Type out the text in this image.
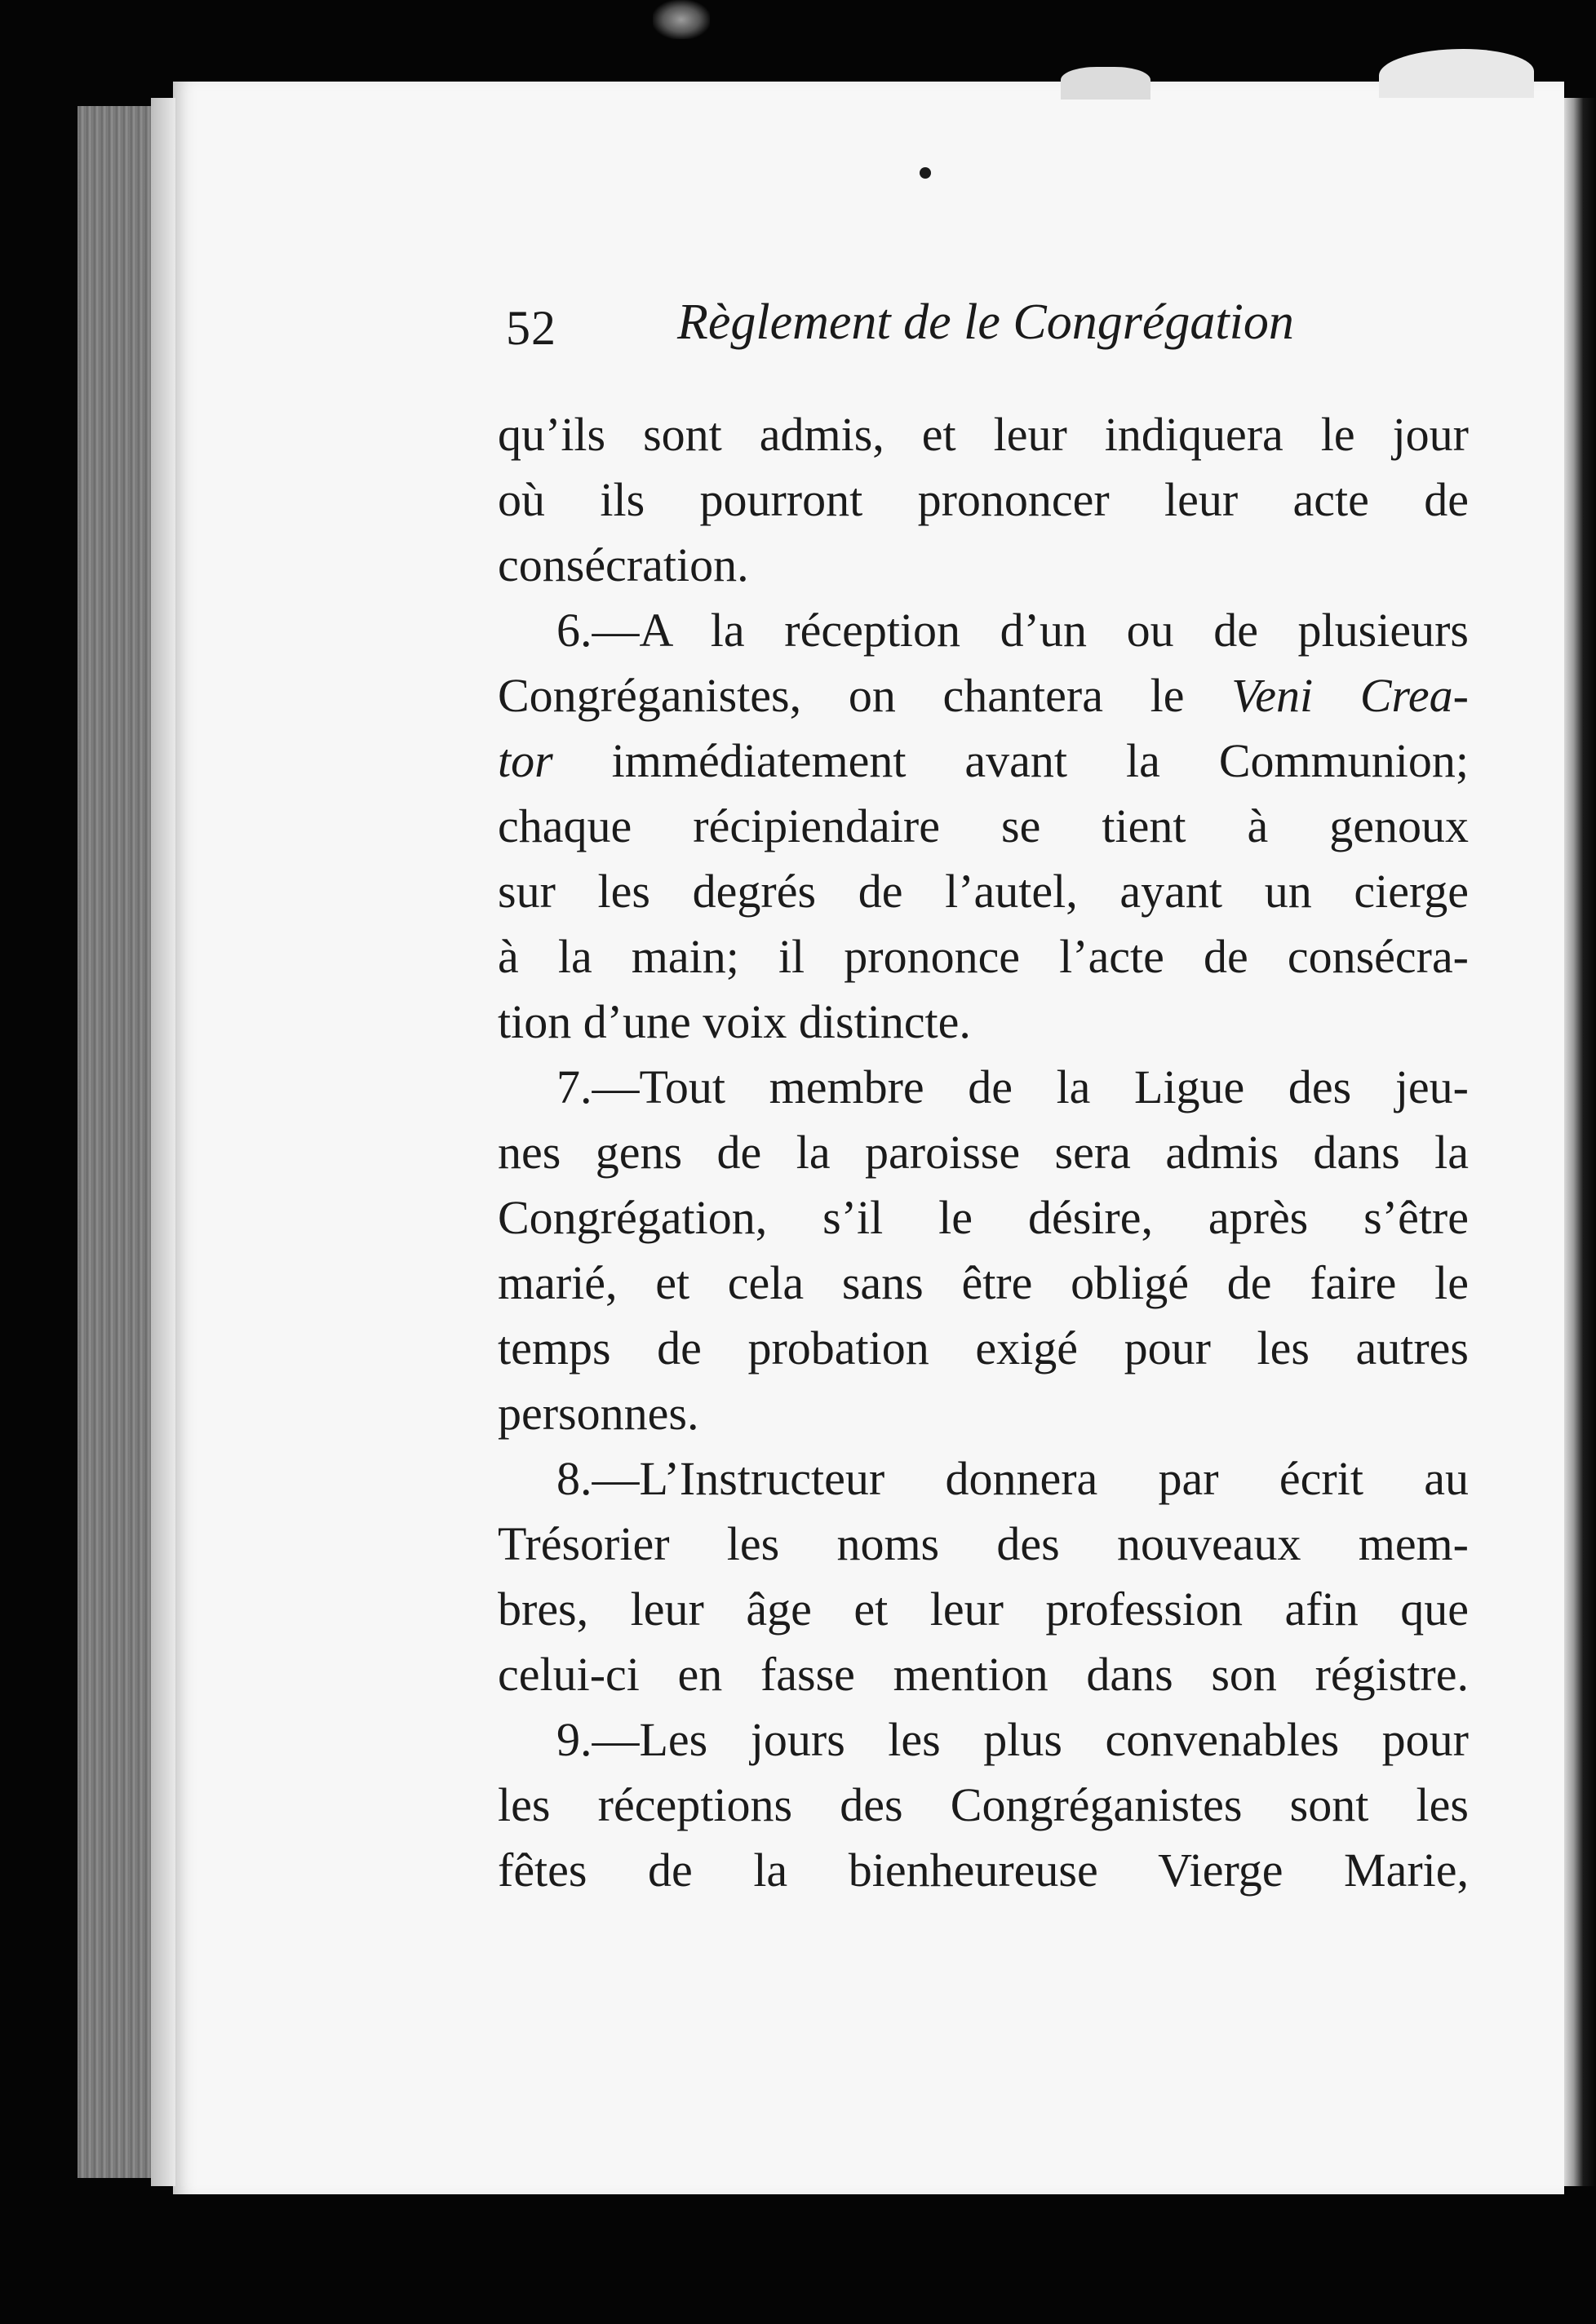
52 Règlement de le Congrégation
qu’ils sont admis, et leur indiquera le jour
où ils pourront prononcer leur acte de
consécration.
6.—A la réception d’un ou de plusieurs
Congréganistes, on chantera le Veni Crea-
tor immédiatement avant la Communion;
chaque récipiendaire se tient à genoux
sur les degrés de l’autel, ayant un cierge
à la main; il prononce l’acte de consécra-
tion d’une voix distincte.
7.—Tout membre de la Ligue des jeu-
nes gens de la paroisse sera admis dans la
Congrégation, s’il le désire, après s’être
marié, et cela sans être obligé de faire le
temps de probation exigé pour les autres
personnes.
8.—L’Instructeur donnera par écrit au
Trésorier les noms des nouveaux mem-
bres, leur âge et leur profession afin que
celui-ci en fasse mention dans son régistre.
9.—Les jours les plus convenables pour
les réceptions des Congréganistes sont les
fêtes de la bienheureuse Vierge Marie,
